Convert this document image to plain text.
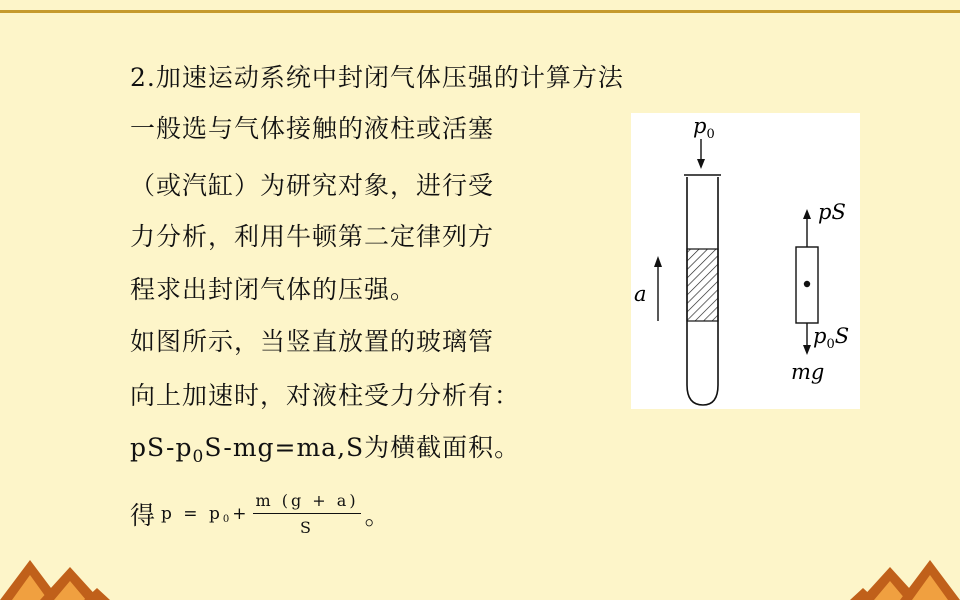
2.加速运动系统中封闭气体压强的计算方法
一般选与气体接触的液柱或活塞
（或汽缸）为研究对象，进行受
力分析，利用牛顿第二定律列方
程求出封闭气体的压强。
如图所示，当竖直放置的玻璃管
向上加速时，对液柱受力分析有：
$pS-p_0S-mg=ma,S$为横截面积。
得 p = p $0 + \frac{m (g + a)}{S}$ 。
$p_0$
a
pS
$p_0S$
mg
